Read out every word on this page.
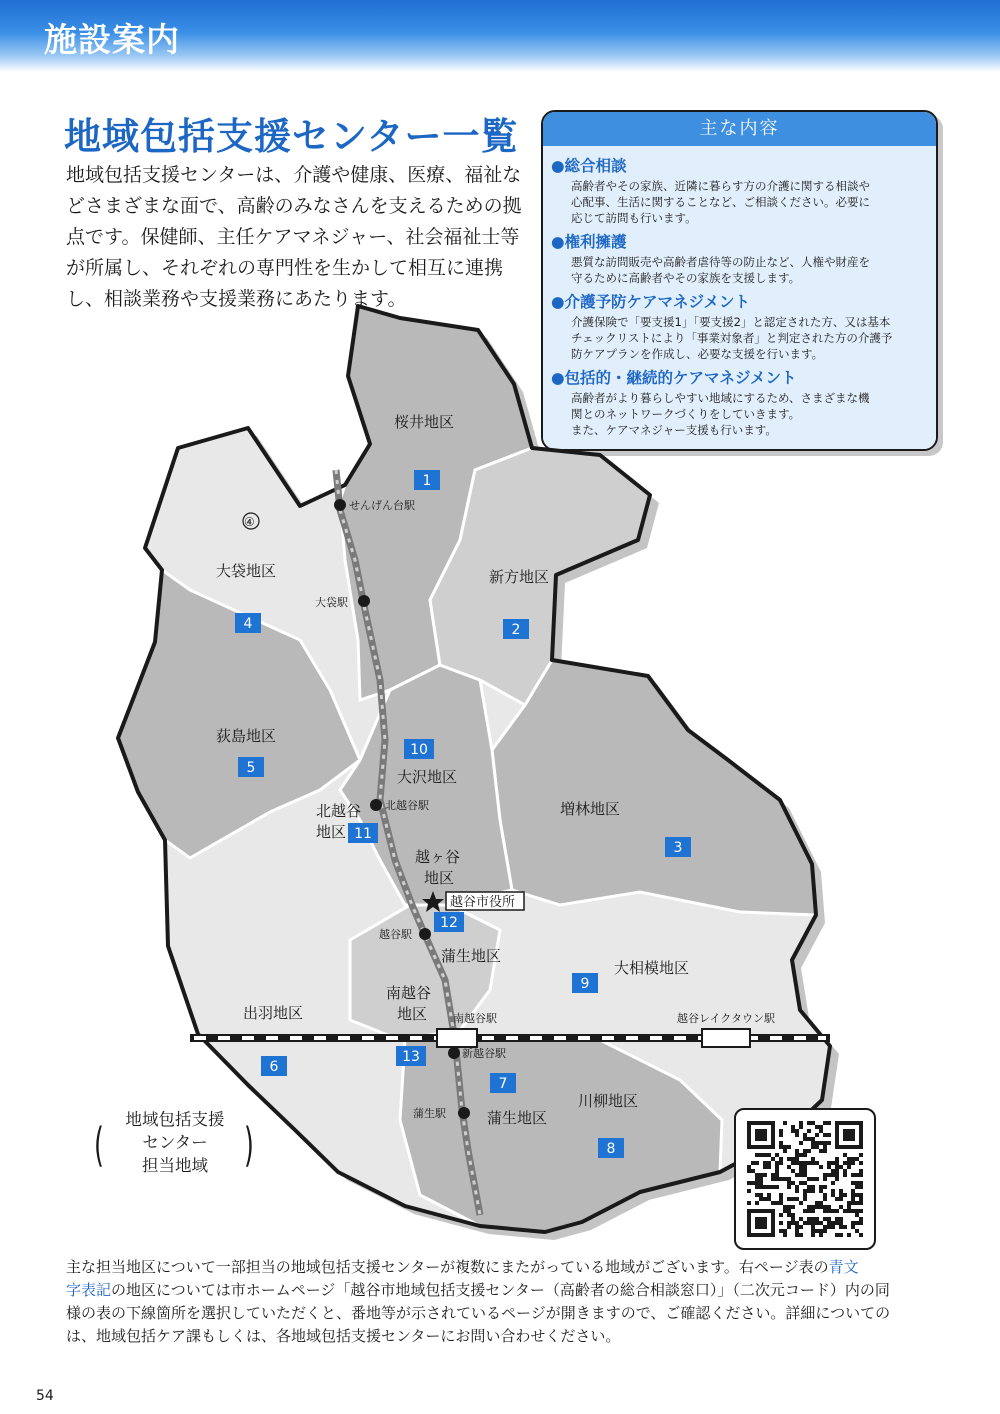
施設案内
地域包括支援センター一覧

地域包括支援センターは、介護や健康、医療、福祉な

どさまざまな面で、高齢のみなさんを支えるための拠

点です。保健師、主任ケアマネジャー、社会福祉士等

が所属し、それぞれの専門性を生かして相互に連携

し、相談業務や支援業務にあたります。

主な内容
●総合相談
高齢者やその家族、近隣に暮らす方の介護に関する相談や
心配事、生活に関することなど、ご相談ください。必要に
応じて訪問も行います。
●権利擁護
悪質な訪問販売や高齢者虐待等の防止など、人権や財産を
守るために高齢者やその家族を支援します。
●介護予防ケアマネジメント
介護保険で「要支援1」「要支援2」と認定された方、又は基本
チェックリストにより「事業対象者」と判定された方の介護予
防ケアプランを作成し、必要な支援を行います。
●包括的・継続的ケアマネジメント
高齢者がより暮らしやすい地域にするため、さまざまな機
関とのネットワークづくりをしていきます。
また、ケアマネジャー支援も行います。
越谷市役所
④
桜井地区
大袋地区	新方地区
荻島地区
大沢地区
北越谷
地区
増林地区
越ヶ谷
地区
蒲生地区
大相模地区
南越谷
地区
出羽地区
蒲生地区
川柳地区
せんげん台駅
大袋駅
北越谷駅
越谷駅
南越谷駅
新越谷駅
蒲生駅
越谷レイクタウン駅
1
2
3
4
5
6
7
8
9
10
11
12
13
(	地域包括支援
センター
担当地域 )

主な担当地区について一部担当の地域包括支援センターが複数にまたがっている地域がございます。右ページ表の青文

字表記の地区については市ホームページ「越谷市地域包括支援センター（高齢者の総合相談窓口）」（二次元コード）内の同

様の表の下線箇所を選択していただくと、番地等が示されているページが開きますので、ご確認ください。詳細についての

は、地域包括ケア課もしくは、各地域包括支援センターにお問い合わせください。

54
